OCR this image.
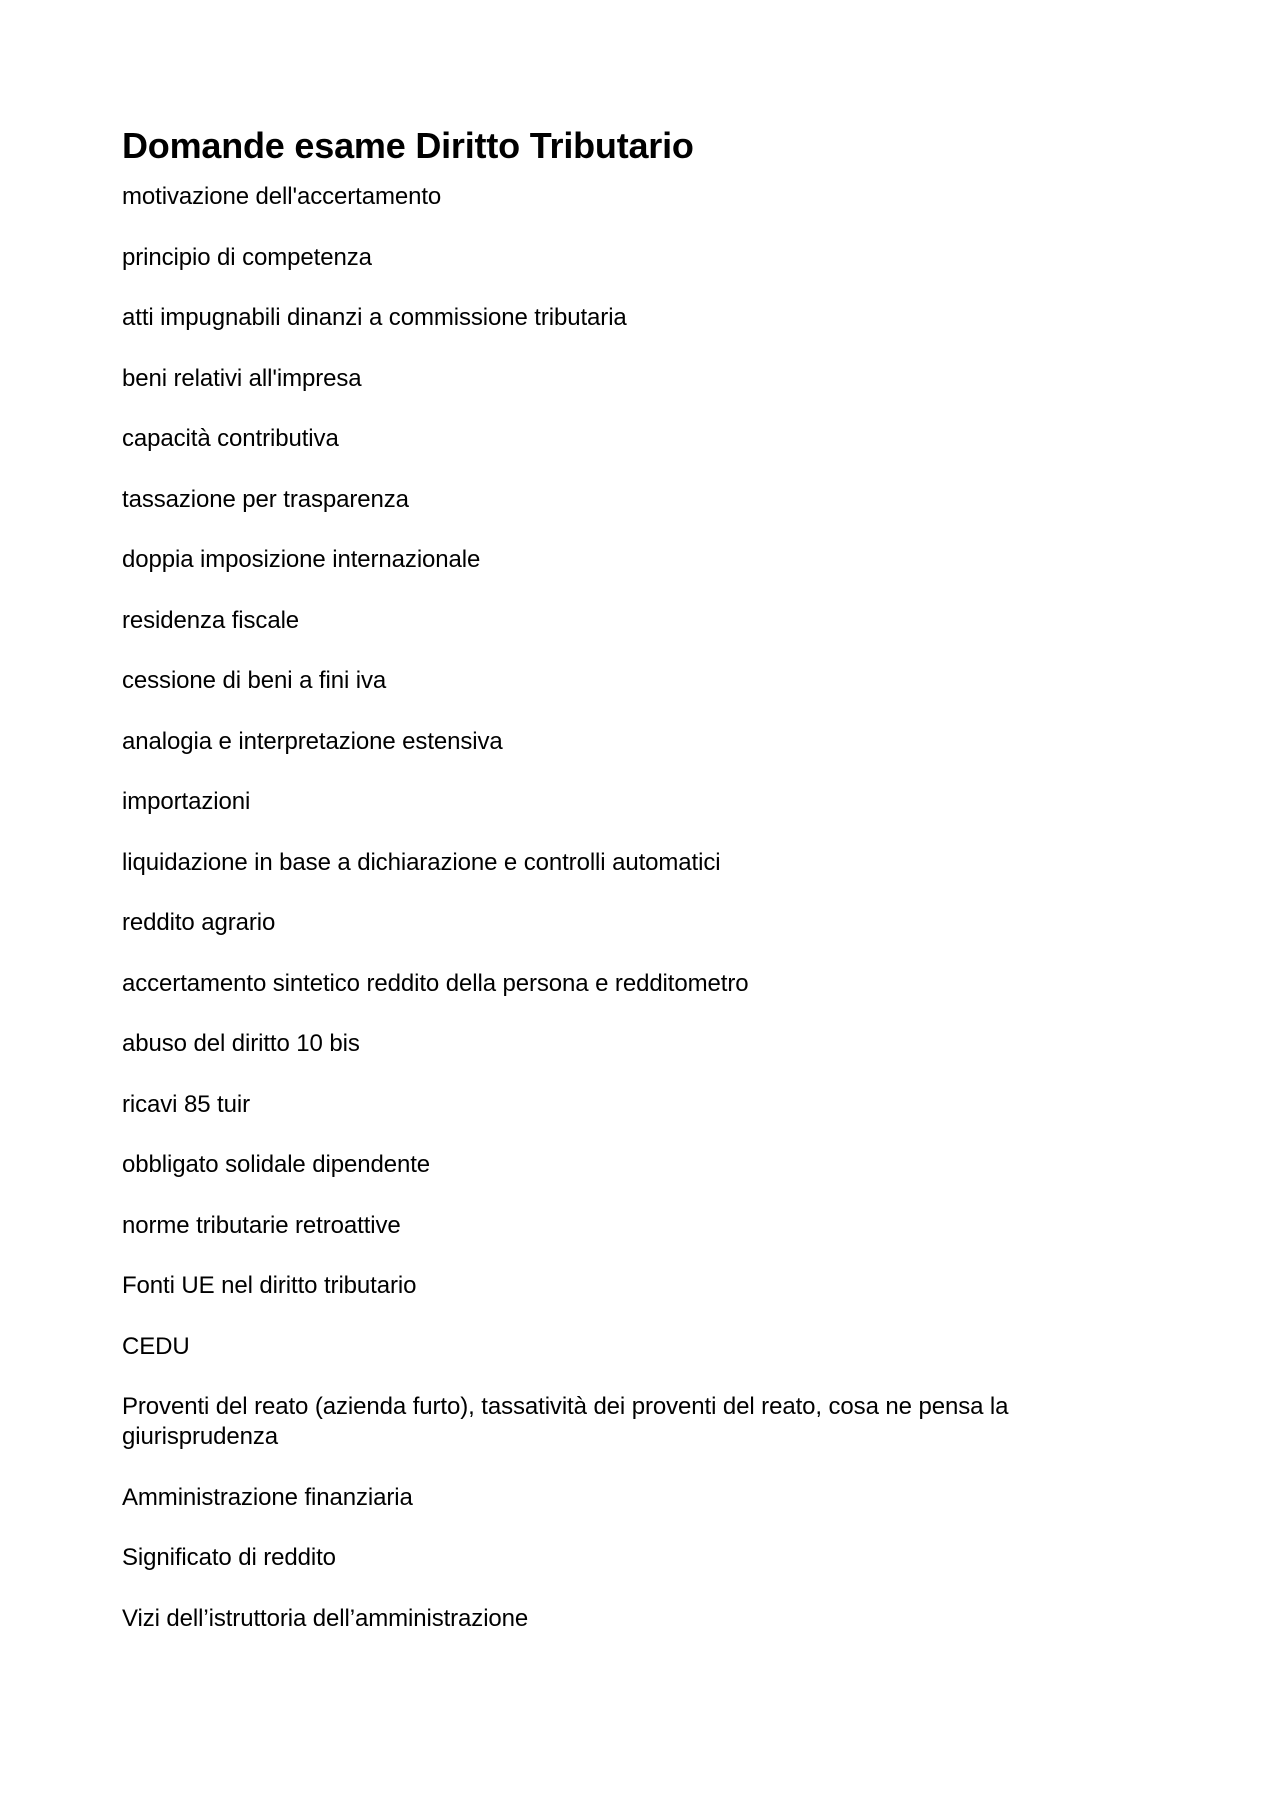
Domande esame Diritto Tributario
motivazione dell'accertamento
principio di competenza
atti impugnabili dinanzi a commissione tributaria
beni relativi all'impresa
capacità contributiva
tassazione per trasparenza
doppia imposizione internazionale
residenza fiscale
cessione di beni a fini iva
analogia e interpretazione estensiva
importazioni
liquidazione in base a dichiarazione e controlli automatici
reddito agrario
accertamento sintetico reddito della persona e redditometro
abuso del diritto 10 bis
ricavi 85 tuir
obbligato solidale dipendente
norme tributarie retroattive
Fonti UE nel diritto tributario
CEDU
Proventi del reato (azienda furto), tassatività dei proventi del reato, cosa ne pensa la giurisprudenza
Amministrazione finanziaria
Significato di reddito
Vizi dell’istruttoria dell’amministrazione
